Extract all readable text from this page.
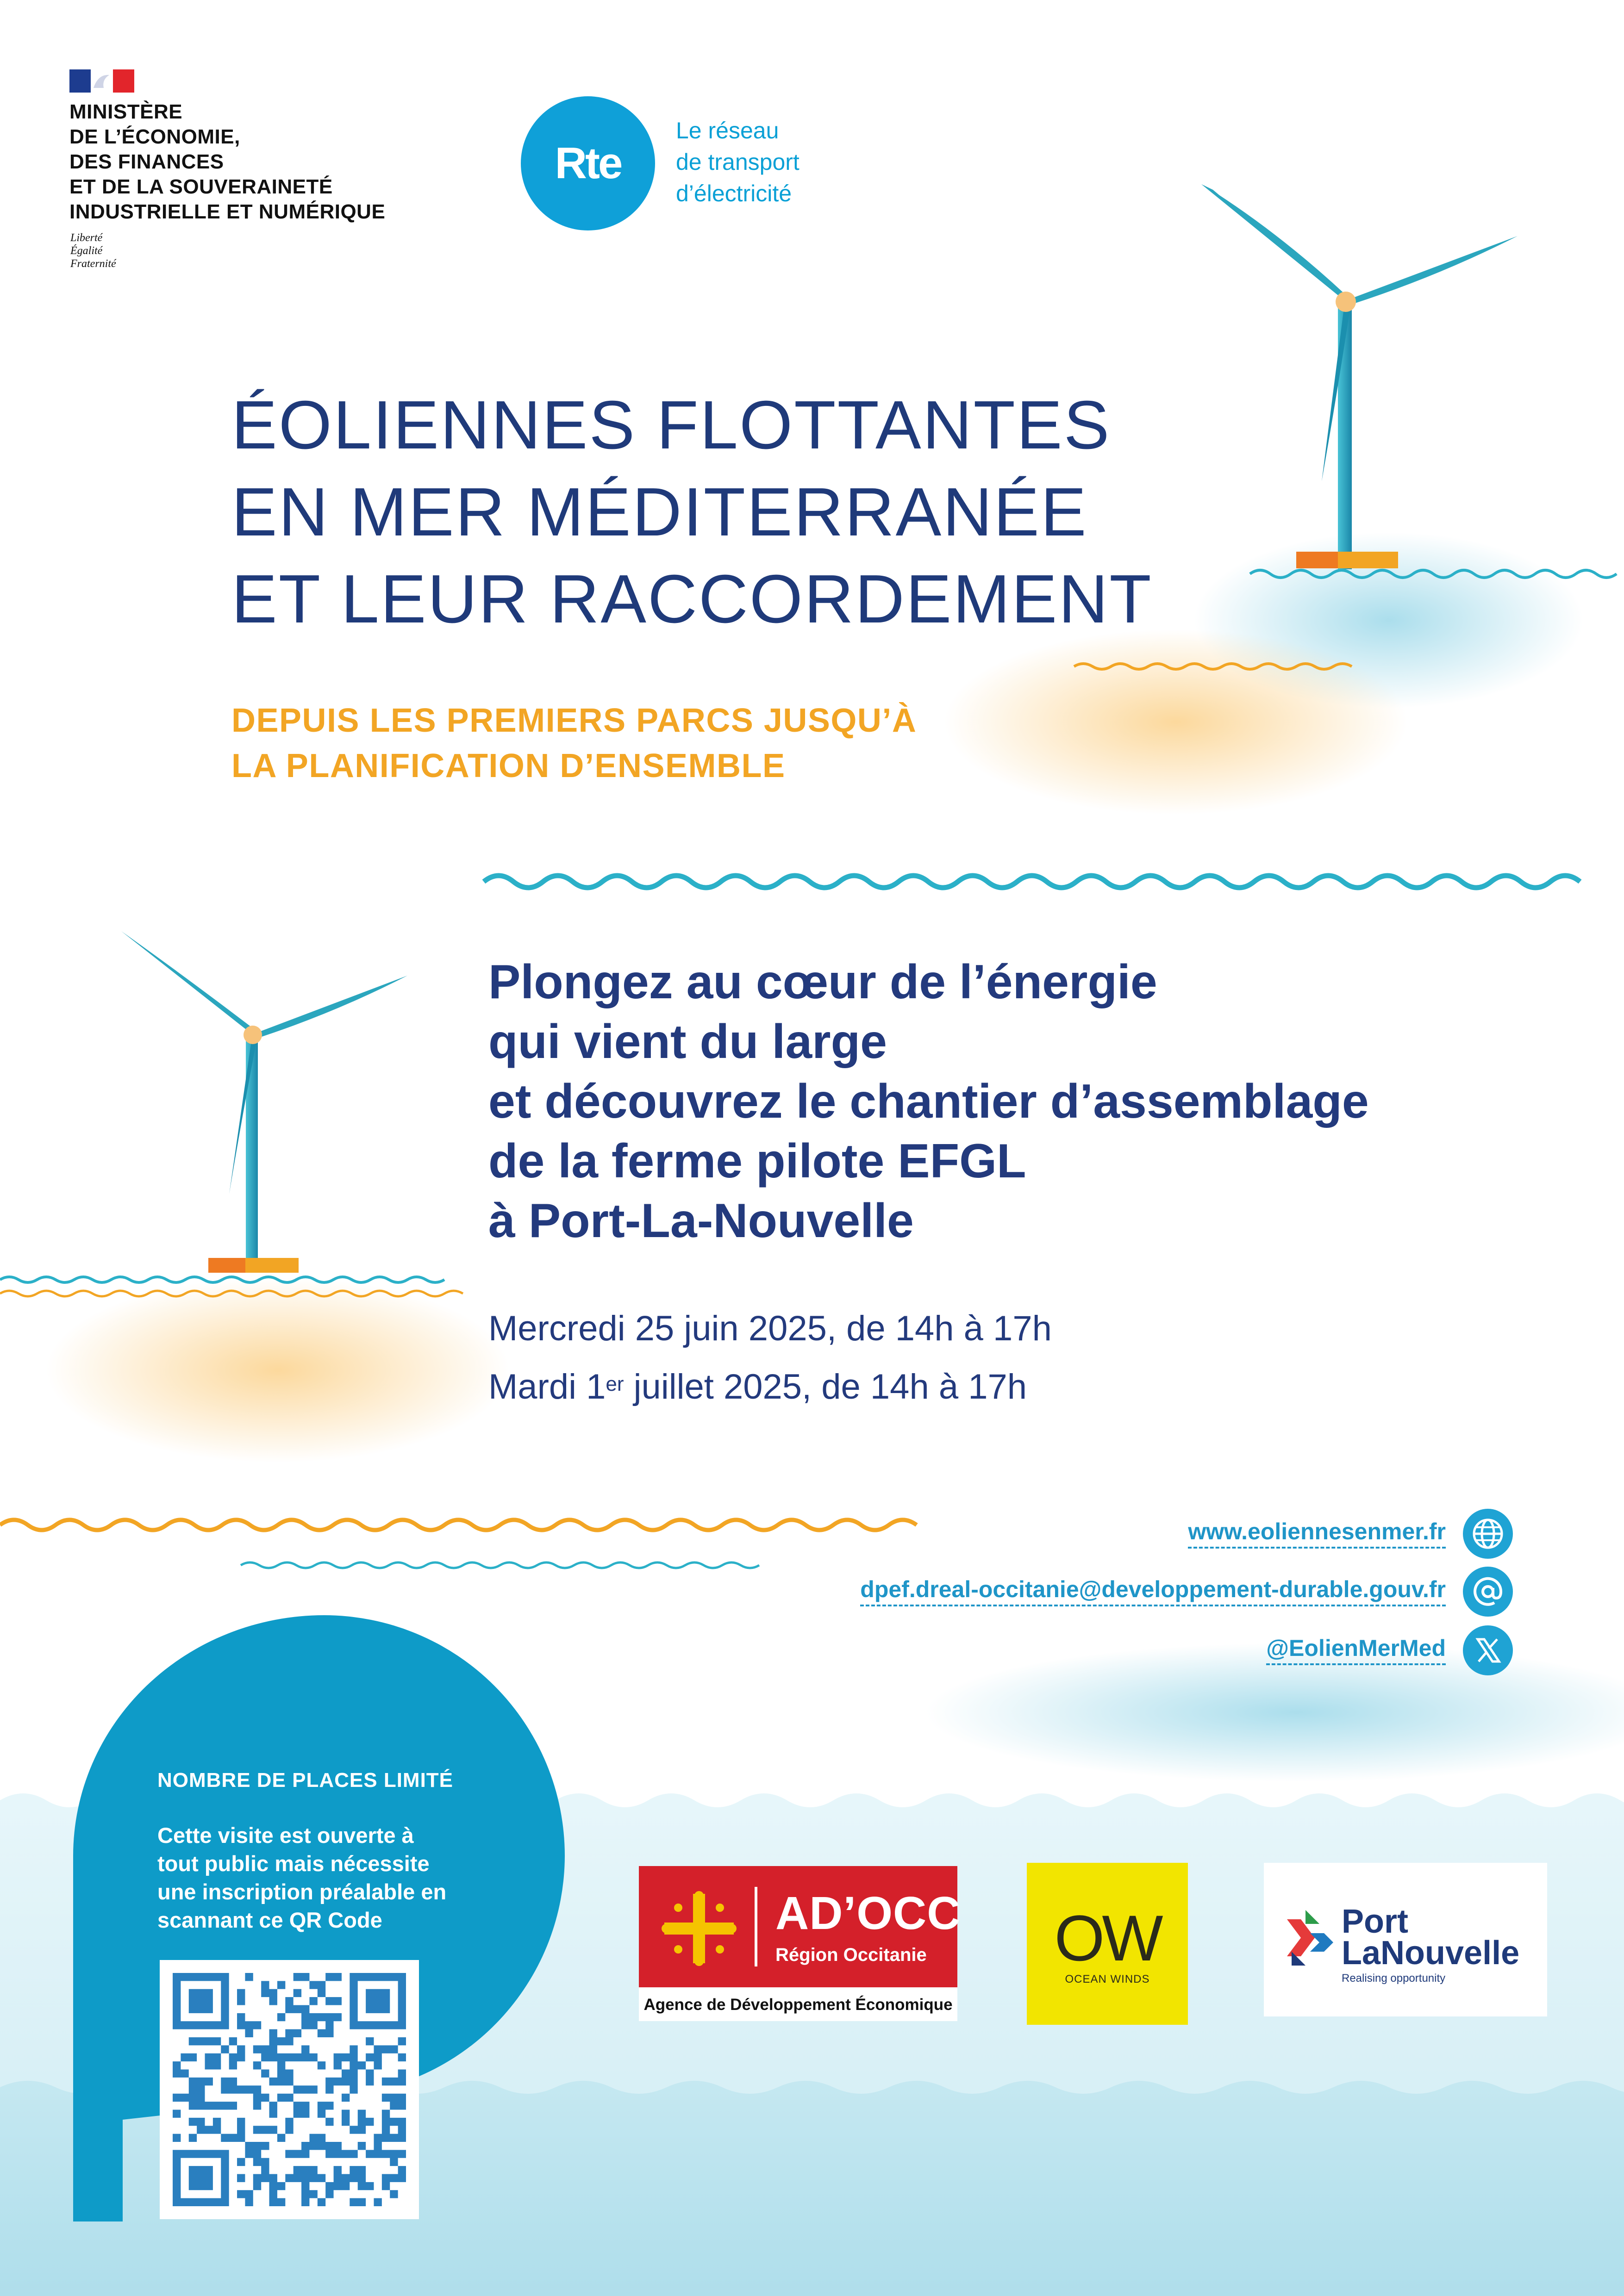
MINISTÈRE
DE L’ÉCONOMIE,
DES FINANCES
ET DE LA SOUVERAINETÉ
INDUSTRIELLE ET NUMÉRIQUE
Liberté
Égalité
Fraternité
Rte
Le réseau
de transport
d’électricité
ÉOLIENNES FLOTTANTES
EN MER MÉDITERRANÉE
ET LEUR RACCORDEMENT
DEPUIS LES PREMIERS PARCS JUSQU’À
LA PLANIFICATION D’ENSEMBLE
Plongez au cœur de l’énergie
qui vient du large
et découvrez le chantier d’assemblage
de la ferme pilote EFGL
à Port-La-Nouvelle
Mercredi 25 juin 2025, de 14h à 17h
Mardi 1er juillet 2025, de 14h à 17h
www.eoliennesenmer.fr
dpef.dreal-occitanie@developpement-durable.gouv.fr
@EolienMerMed
NOMBRE DE PLACES LIMITÉ
Cette visite est ouverte à
tout public mais nécessite
une inscription préalable en
scannant ce QR Code	AD’OCC
Région Occitanie
Agence de Développement Économique
OW
OCEAN WINDS
Port
LaNouvelle
Realising opportunity
